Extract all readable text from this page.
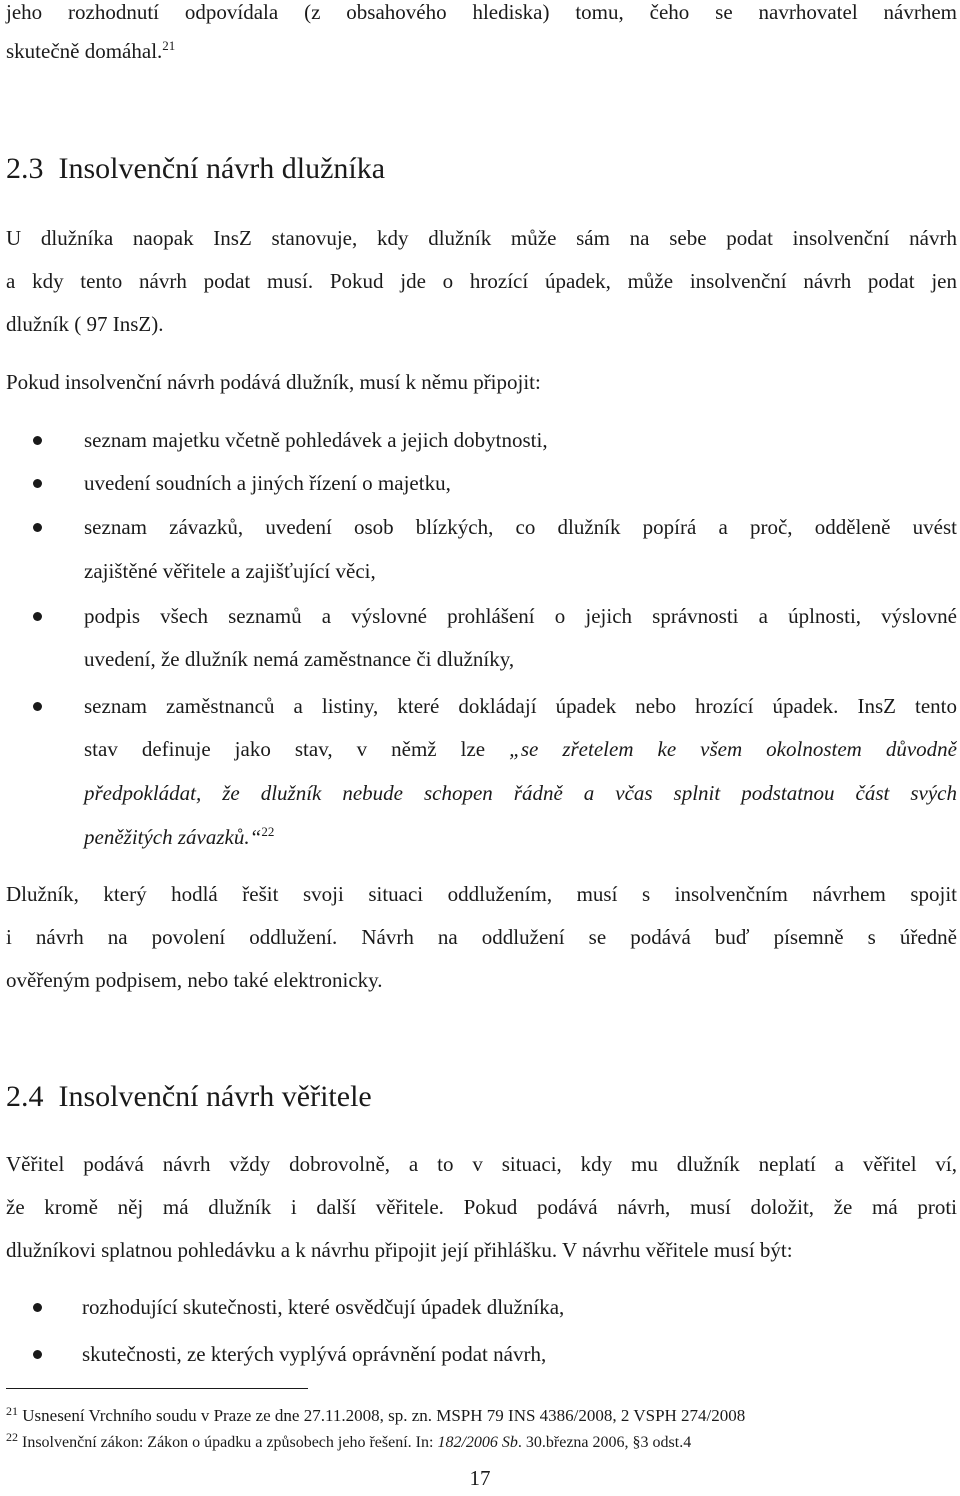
jeho rozhodnutí odpovídala (z obsahového hlediska) tomu, čeho se navrhovatel návrhem
skutečně domáhal.$^{21}$
2.3 Insolvenční návrh dlužníka
U dlužníka naopak InsZ stanovuje, kdy dlužník může sám na sebe podat insolvenční návrh
a kdy tento návrh podat musí. Pokud jde o hrozící úpadek, může insolvenční návrh podat jen
dlužník ( 97 InsZ).
Pokud insolvenční návrh podává dlužník, musí k němu připojit:
seznam majetku včetně pohledávek a jejich dobytnosti,
uvedení soudních a jiných řízení o majetku,
seznam závazků, uvedení osob blízkých, co dlužník popírá a proč, odděleně uvést
zajištěné věřitele a zajišťující věci,
podpis všech seznamů a výslovné prohlášení o jejich správnosti a úplnosti, výslovné
uvedení, že dlužník nemá zaměstnance či dlužníky,
seznam zaměstnanců a listiny, které dokládají úpadek nebo hrozící úpadek. InsZ tento
stav definuje jako stav, v němž lze „se zřetelem ke všem okolnostem důvodně
předpokládat, že dlužník nebude schopen řádně a včas splnit podstatnou část svých
peněžitých závazků.“$^{22}$
Dlužník, který hodlá řešit svoji situaci oddlužením, musí s insolvenčním návrhem spojit
i návrh na povolení oddlužení. Návrh na oddlužení se podává buď písemně s úředně
ověřeným podpisem, nebo také elektronicky.
2.4 Insolvenční návrh věřitele
Věřitel podává návrh vždy dobrovolně, a to v situaci, kdy mu dlužník neplatí a věřitel ví,
že kromě něj má dlužník i další věřitele. Pokud podává návrh, musí doložit, že má proti
dlužníkovi splatnou pohledávku a k návrhu připojit její přihlášku. V návrhu věřitele musí být:
rozhodující skutečnosti, které osvědčují úpadek dlužníka,
skutečnosti, ze kterých vyplývá oprávnění podat návrh,
$^{21}$ Usnesení Vrchního soudu v Praze ze dne 27.11.2008, sp. zn. MSPH 79 INS 4386/2008, 2 VSPH 274/2008
$^{22}$ Insolvenční zákon: Zákon o úpadku a způsobech jeho řešení. In: 182/2006 Sb. 30.března 2006, §3 odst.4
17
